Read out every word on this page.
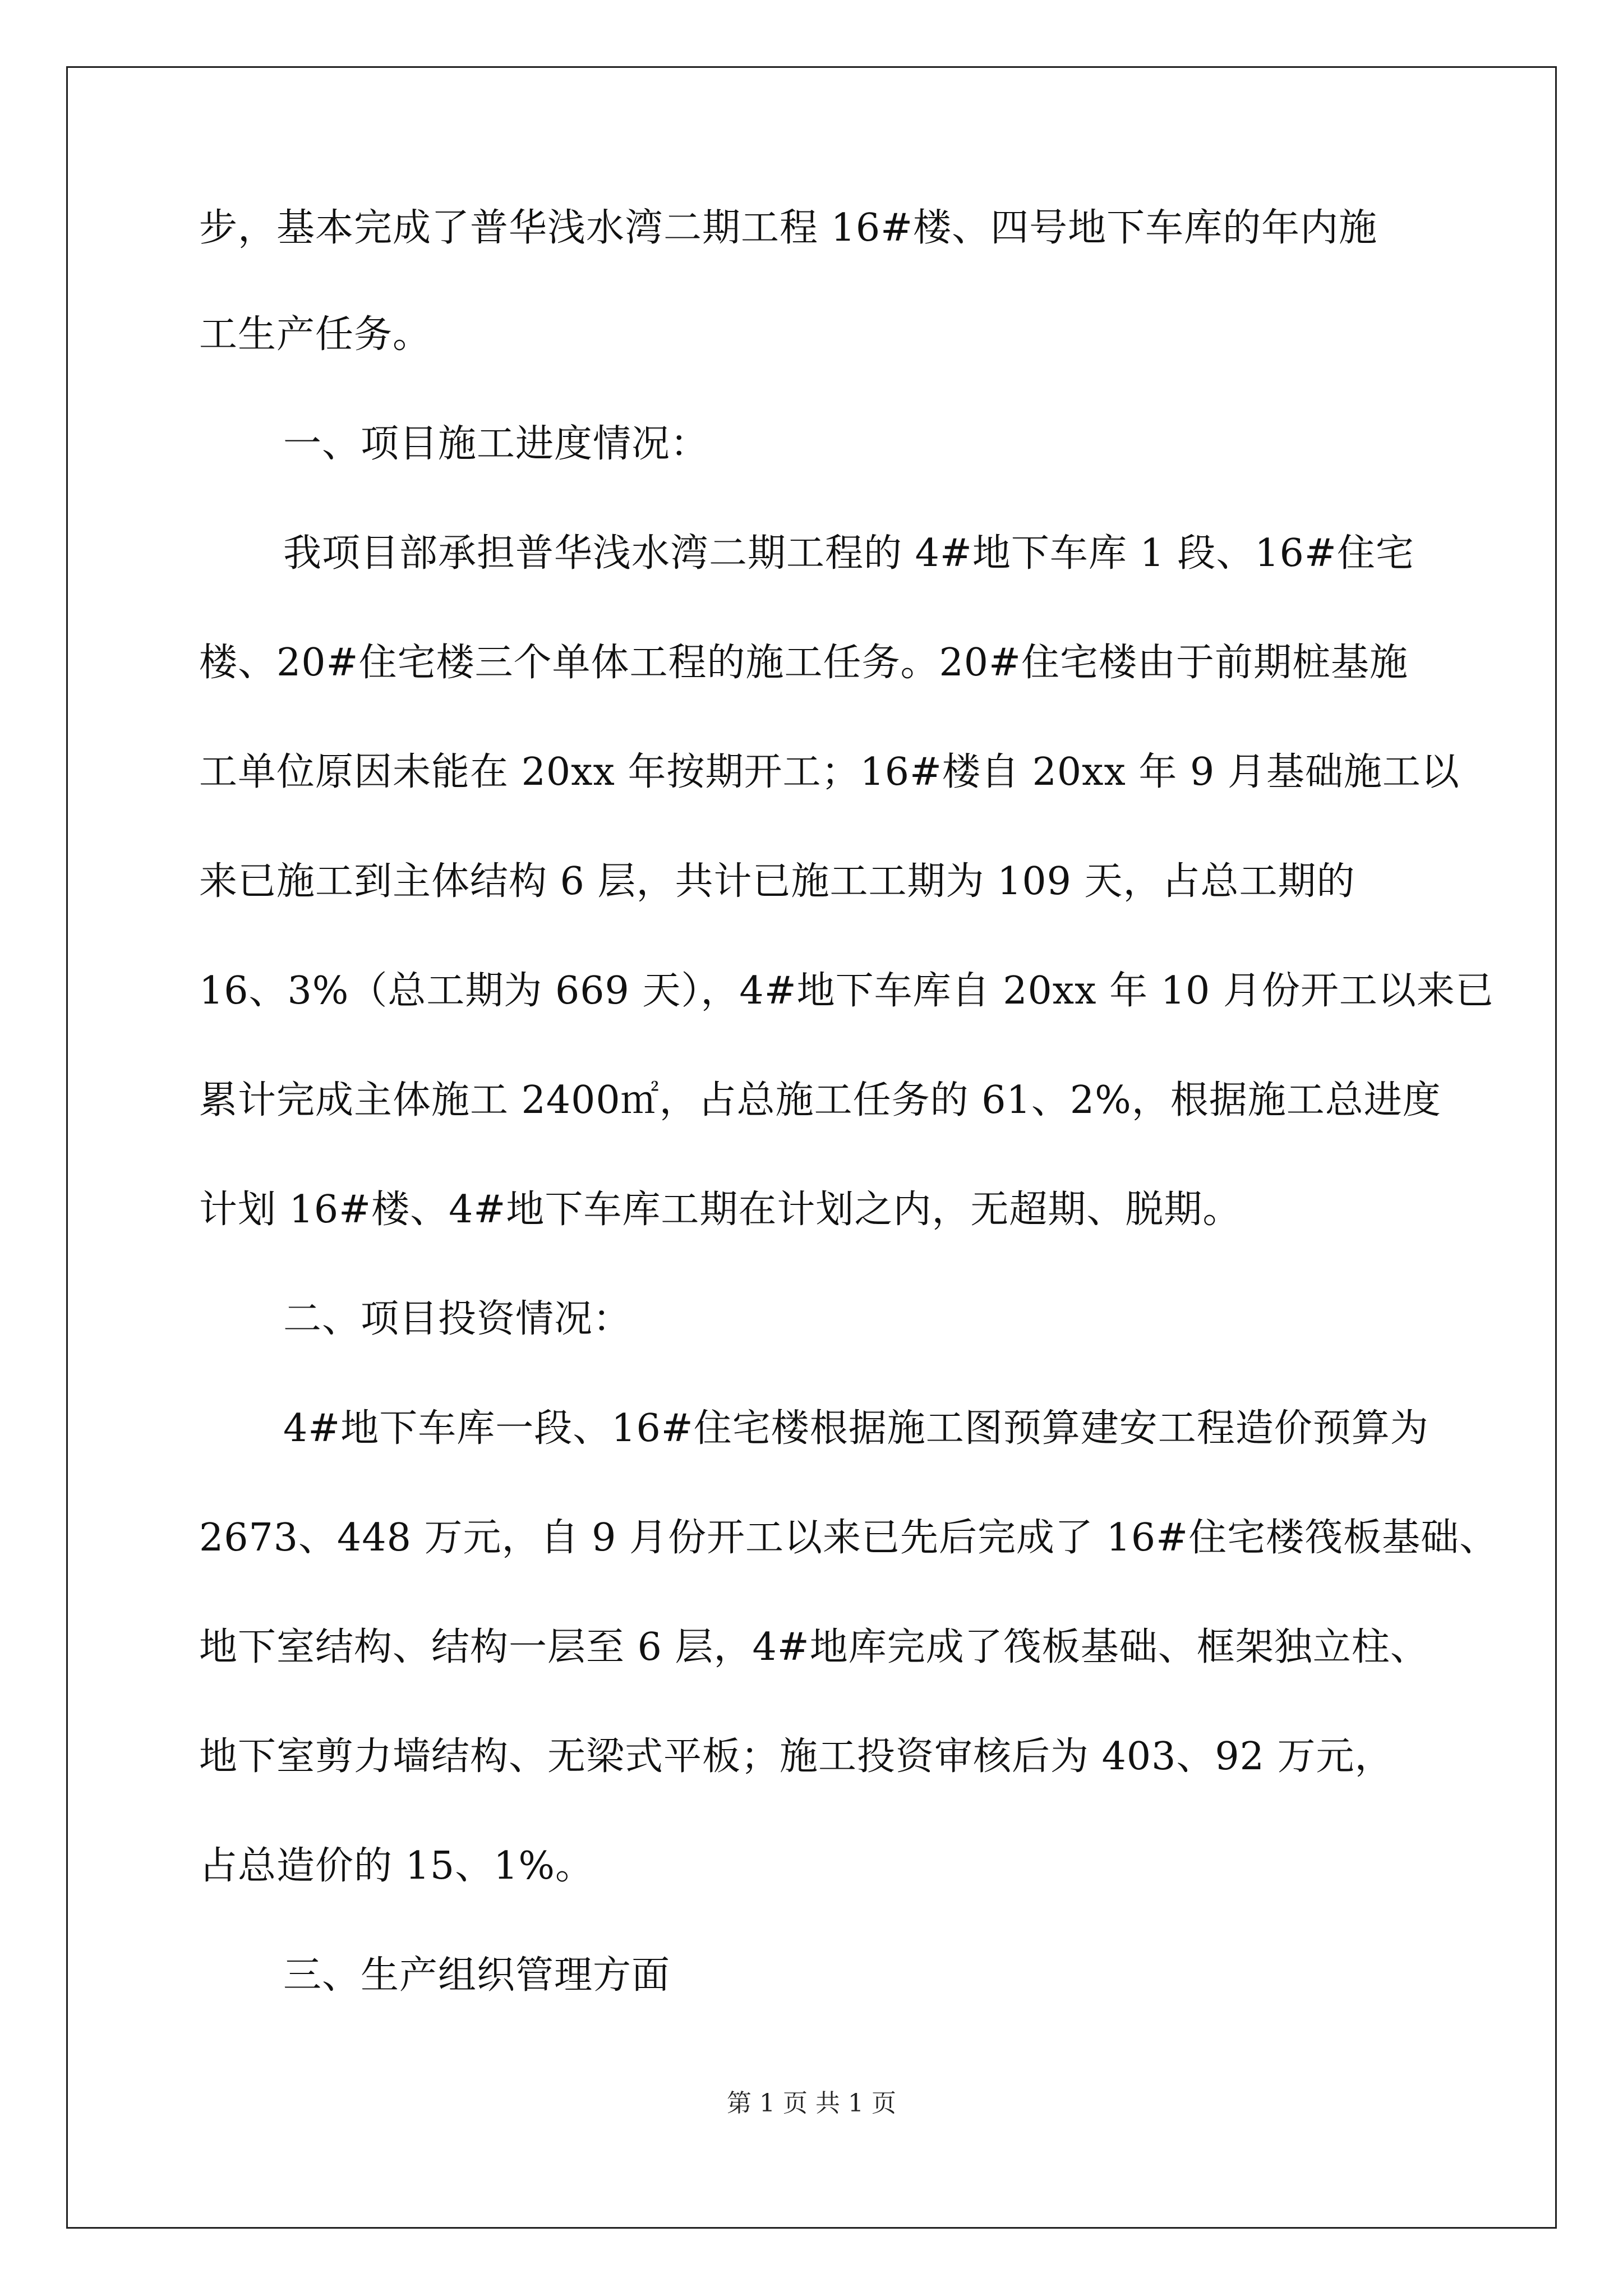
步，基本完成了普华浅水湾二期工程 16#楼、四号地下车库的年内施
工生产任务。
一、项目施工进度情况：
我项目部承担普华浅水湾二期工程的 4#地下车库 1 段、16#住宅
楼、20#住宅楼三个单体工程的施工任务。20#住宅楼由于前期桩基施
工单位原因未能在 20xx 年按期开工；16#楼自 20xx 年 9 月基础施工以
来已施工到主体结构 6 层，共计已施工工期为 109 天，占总工期的
16、3%（总工期为 669 天），4#地下车库自 20xx 年 10 月份开工以来已
累计完成主体施工 2400㎡，占总施工任务的 61、2%，根据施工总进度
计划 16#楼、4#地下车库工期在计划之内，无超期、脱期。
二、项目投资情况：
4#地下车库一段、16#住宅楼根据施工图预算建安工程造价预算为
2673、448 万元，自 9 月份开工以来已先后完成了 16#住宅楼筏板基础、
地下室结构、结构一层至 6 层，4#地库完成了筏板基础、框架独立柱、
地下室剪力墙结构、无梁式平板；施工投资审核后为 403、92 万元，
占总造价的 15、1%。
三、生产组织管理方面
第 1 页 共 1 页
